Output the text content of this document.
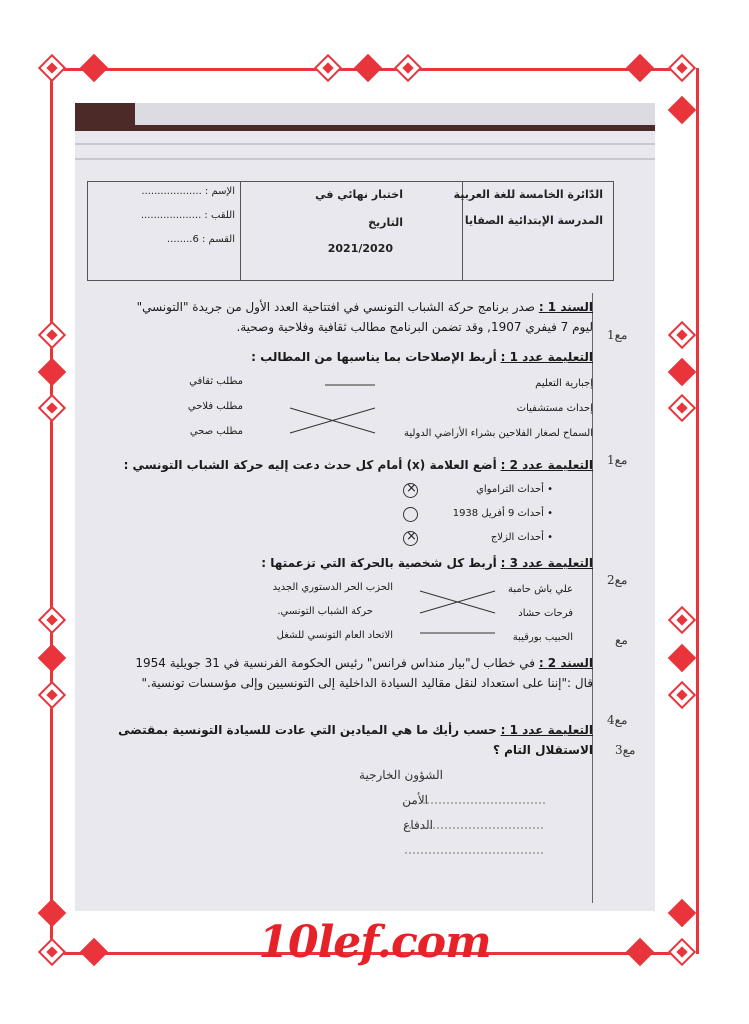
الدّائرة الخامسة للغة العربية
المدرسة الإبتدائية الصفايا
اختبار نهائي في
التاريخ
2021/2020
الإسم : ...................
اللقب : ...................
القسم : 6........
السند 1 : صدر برنامج حركة الشباب التونسي في افتتاحية العدد الأول من جريدة "التونسي"
ليوم 7 فيفري 1907, وقد تضمن البرنامج مطالب ثقافية وفلاحية وصحية.
التعليمة عدد 1 : أربط الإصلاحات بما يناسبها من المطالب :
إجبارية التعليم
إحداث مستشفيات
السماح لصغار الفلاحين بشراء الأراضي الدولية
مطلب ثقافي
مطلب فلاحي
مطلب صحي
التعليمة عدد 2 : أضع العلامة (x) أمام كل حدث دعت إليه حركة الشباب التونسي :
• أحداث الترامواي
• أحداث 9 أفريل 1938
• أحداث الزلاج
×
×
التعليمة عدد 3 : أربط كل شخصية بالحركة التي تزعمتها :
علي باش حامبة
فرحات حشاد
الحبيب بورقيبة
الحزب الحر الدستوري الجديد
حركة الشباب التونسي.
الاتحاد العام التونسي للشغل
السند 2 : في خطاب ل"بيار منداس فرانس" رئيس الحكومة الفرنسية في 31 جويلية 1954
قال :"إننا على استعداد لنقل مقاليد السيادة الداخلية إلى التونسيين وإلى مؤسسات تونسية."
التعليمة عدد 1 : حسب رأيك ما هي الميادين التي عادت للسيادة التونسية بمقتضى
الاستقلال التام ؟
الشؤون الخارجية
الأمن
الدفاع
مع1
مع1
مع2
مع
مع4
مع3
10lef.com
